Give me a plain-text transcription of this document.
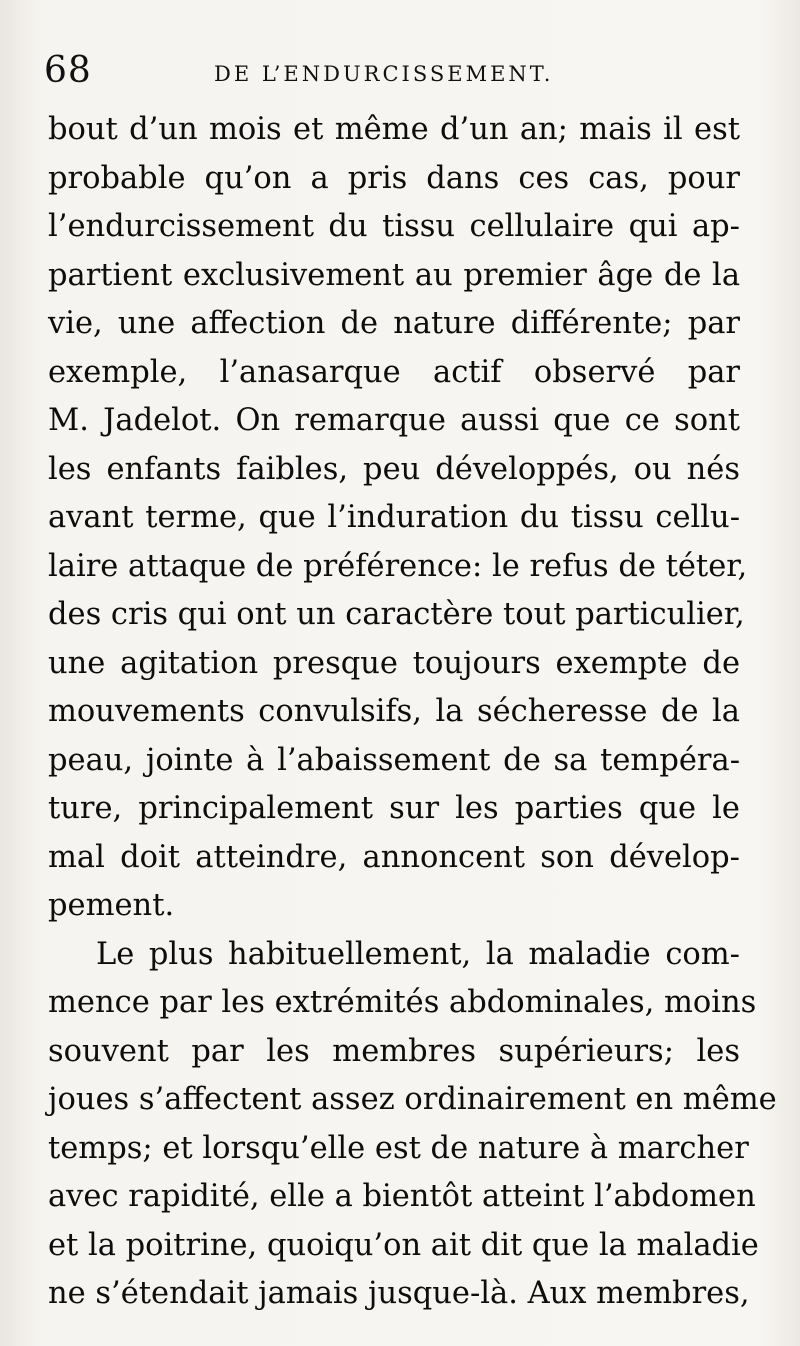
68	DE L’ENDURCISSEMENT.
bout d’un mois et même d’un an; mais il est
probable qu’on a pris dans ces cas, pour
l’endurcissement du tissu cellulaire qui ap-
partient exclusivement au premier âge de la
vie, une affection de nature différente; par
exemple, l’anasarque actif observé par
M. Jadelot. On remarque aussi que ce sont
les enfants faibles, peu développés, ou nés
avant terme, que l’induration du tissu cellu-
laire attaque de préférence: le refus de téter,
des cris qui ont un caractère tout particulier,
une agitation presque toujours exempte de
mouvements convulsifs, la sécheresse de la
peau, jointe à l’abaissement de sa tempéra-
ture, principalement sur les parties que le
mal doit atteindre, annoncent son dévelop-
pement.
Le plus habituellement, la maladie com-
mence par les extrémités abdominales, moins
souvent par les membres supérieurs; les
joues s’affectent assez ordinairement en même
temps; et lorsqu’elle est de nature à marcher
avec rapidité, elle a bientôt atteint l’abdomen
et la poitrine, quoiqu’on ait dit que la maladie
ne s’étendait jamais jusque-là. Aux membres,
